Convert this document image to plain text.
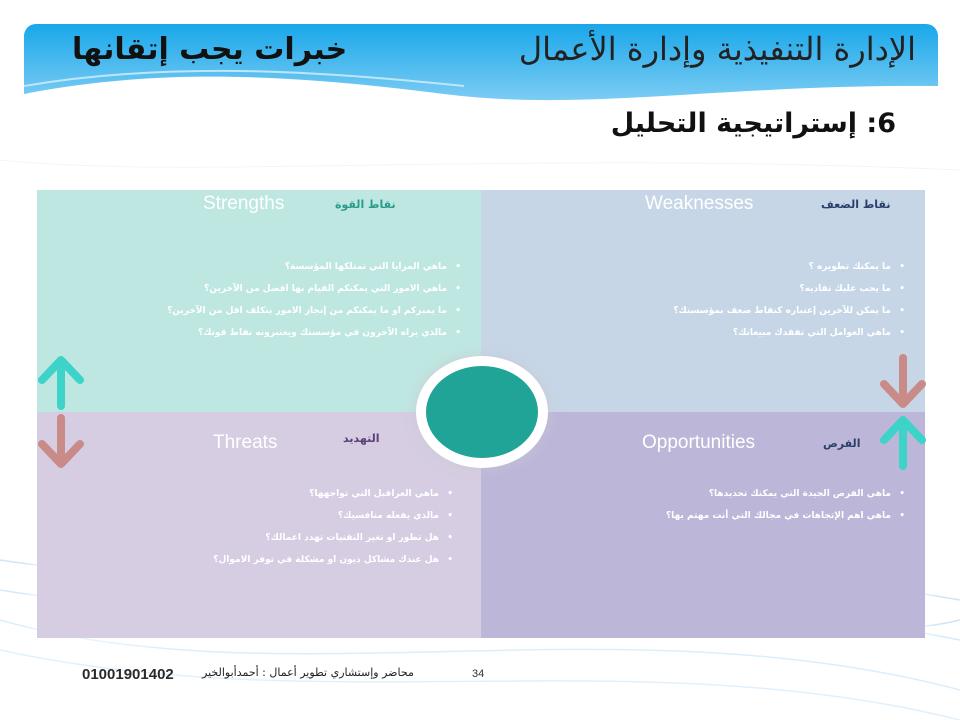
الإدارة التنفيذية وإدارة الأعمال
خبرات يجب إتقانها
6: إستراتيجية التحليل
Strengths	نقاط القوة
• ماهي المزايا التي تمتلكها المؤسسة؟
• ماهي الامور التي يمكنكم القيام بها افضل من الآخرين؟
• ما يميزكم او ما يمكنكم من إنجاز الامور بتكلف اقل من الآخرين؟
• مالذي يراه الآخرون في مؤسستك ويعتبرونه نقاط قوتك؟
Weaknesses	نقاط الضعف
• ما يمكنك تطويره ؟
• ما يجب عليك تفاديه؟
• ما يمكن للآخرين إعتباره كنقاط ضعف بمؤسستك؟
• ماهي العوامل التي تفقدك مبيعاتك؟
Threats	التهديد
• ماهي العراقيل التي تواجهها؟
• مالذي يفعله منافسيك؟
• هل تطور او تغير التقنيات تهدد اعمالك؟
• هل عندك مشاكل ديون او مشكلة في توفر الاموال؟
Opportunities	الفرص
• ماهي الفرص الجيدة التي يمكنك تحديدها؟
• ماهي اهم الإتجاهات في مجالك التي أنت مهتم بها؟
01001901402	محاضر وإستشاري تطوير أعمال : أحمدأبوالخير	34
